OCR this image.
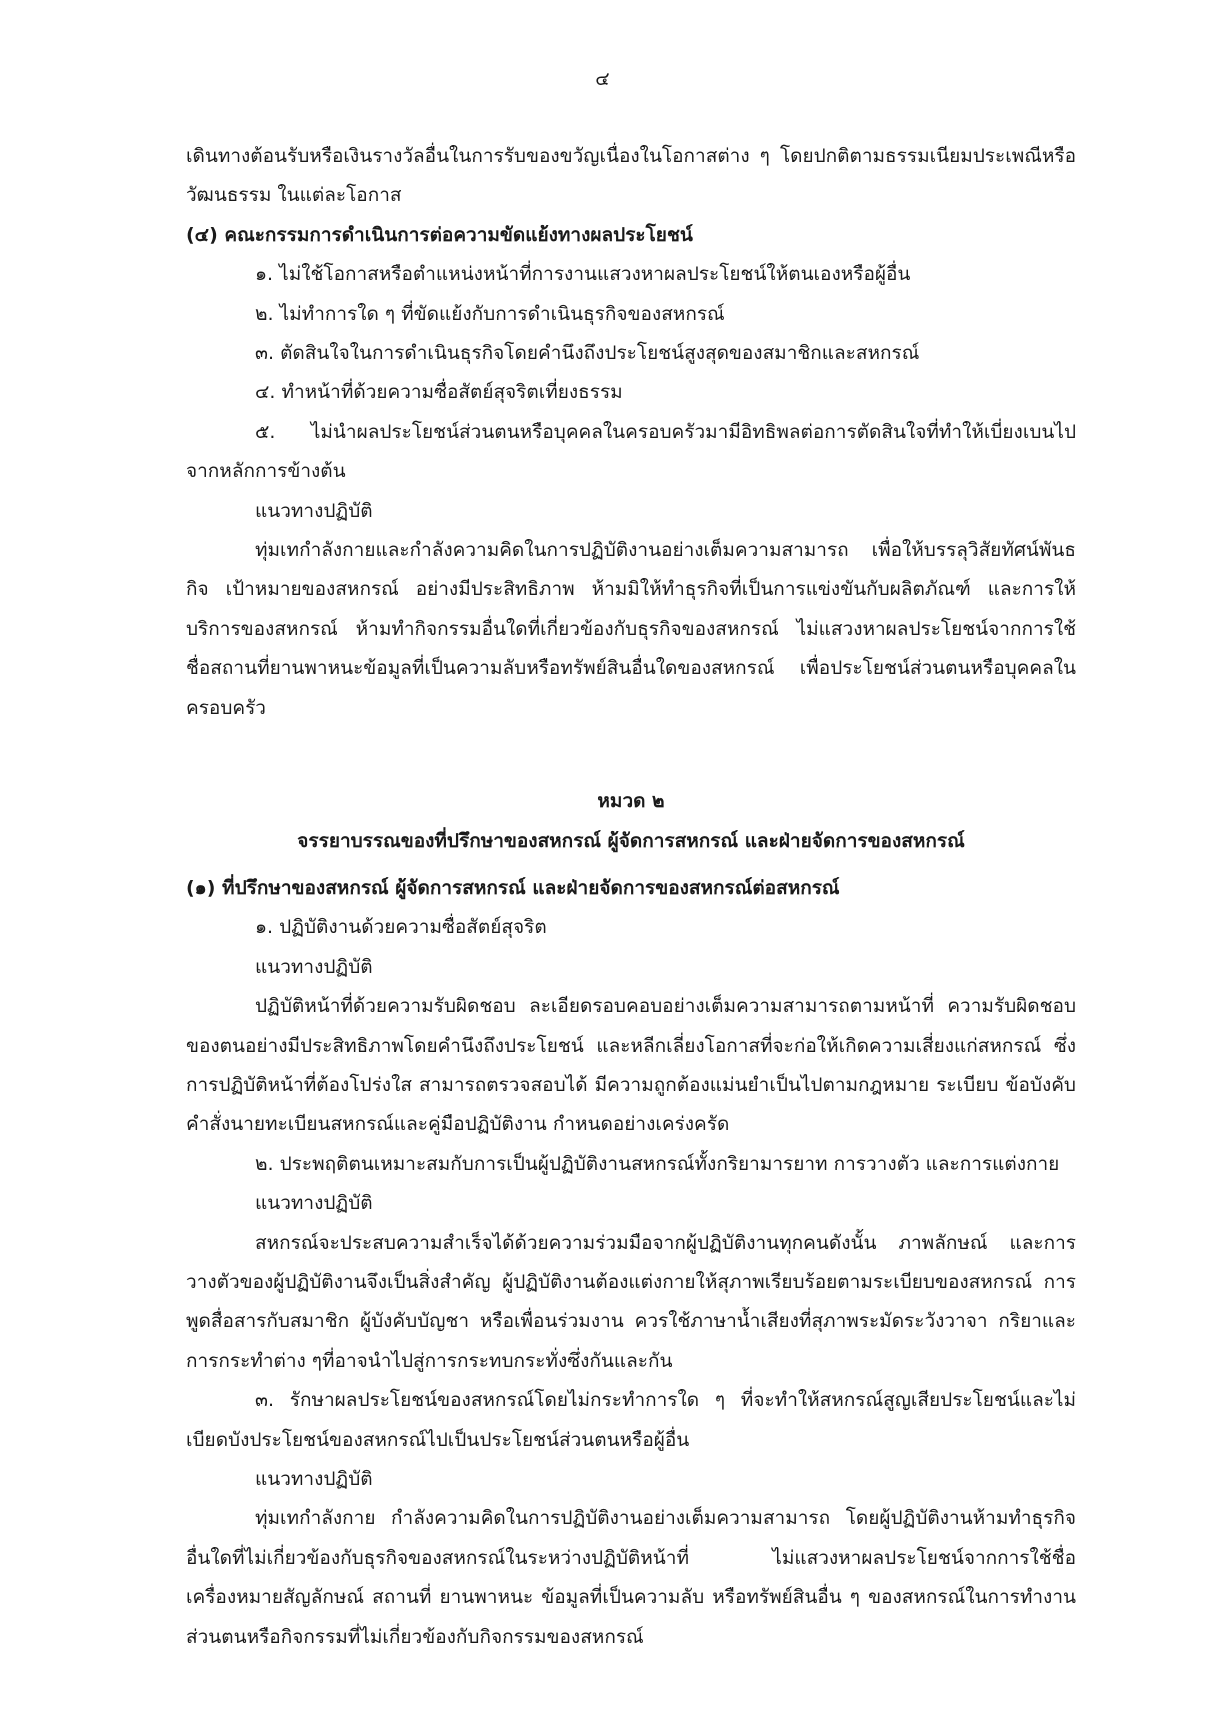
๔

เดินทางต้อนรับหรือเงินรางวัลอื่นในการรับของขวัญเนื่องในโอกาสต่าง ๆ โดยปกติตามธรรมเนียมประเพณีหรือวัฒนธรรม ในแต่ละโอกาส

(๔) คณะกรรมการดำเนินการต่อความขัดแย้งทางผลประโยชน์

๑. ไม่ใช้โอกาสหรือตำแหน่งหน้าที่การงานแสวงหาผลประโยชน์ให้ตนเองหรือผู้อื่น

๒. ไม่ทำการใด ๆ ที่ขัดแย้งกับการดำเนินธุรกิจของสหกรณ์

๓. ตัดสินใจในการดำเนินธุรกิจโดยคำนึงถึงประโยชน์สูงสุดของสมาชิกและสหกรณ์

๔. ทำหน้าที่ด้วยความซื่อสัตย์สุจริตเที่ยงธรรม

๕. ไม่นำผลประโยชน์ส่วนตนหรือบุคคลในครอบครัวมามีอิทธิพลต่อการตัดสินใจที่ทำให้เบี่ยงเบนไปจากหลักการข้างต้น

แนวทางปฏิบัติ

ทุ่มเทกำลังกายและกำลังความคิดในการปฏิบัติงานอย่างเต็มความสามารถ เพื่อให้บรรลุวิสัยทัศน์พันธกิจ เป้าหมายของสหกรณ์ อย่างมีประสิทธิภาพ ห้ามมิให้ทำธุรกิจที่เป็นการแข่งขันกับผลิตภัณฑ์ และการให้บริการของสหกรณ์ ห้ามทำกิจกรรมอื่นใดที่เกี่ยวข้องกับธุรกิจของสหกรณ์ ไม่แสวงหาผลประโยชน์จากการใช้ชื่อสถานที่ยานพาหนะข้อมูลที่เป็นความลับหรือทรัพย์สินอื่นใดของสหกรณ์ เพื่อประโยชน์ส่วนตนหรือบุคคลในครอบครัว

หมวด ๒

จรรยาบรรณของที่ปรึกษาของสหกรณ์ ผู้จัดการสหกรณ์ และฝ่ายจัดการของสหกรณ์

(๑) ที่ปรึกษาของสหกรณ์ ผู้จัดการสหกรณ์ และฝ่ายจัดการของสหกรณ์ต่อสหกรณ์

๑. ปฏิบัติงานด้วยความซื่อสัตย์สุจริต

แนวทางปฏิบัติ

ปฏิบัติหน้าที่ด้วยความรับผิดชอบ ละเอียดรอบคอบอย่างเต็มความสามารถตามหน้าที่ ความรับผิดชอบของตนอย่างมีประสิทธิภาพโดยคำนึงถึงประโยชน์ และหลีกเลี่ยงโอกาสที่จะก่อให้เกิดความเสี่ยงแก่สหกรณ์ ซึ่งการปฏิบัติหน้าที่ต้องโปร่งใส สามารถตรวจสอบได้ มีความถูกต้องแม่นยำเป็นไปตามกฎหมาย ระเบียบ ข้อบังคับ คำสั่งนายทะเบียนสหกรณ์และคู่มือปฏิบัติงาน กำหนดอย่างเคร่งครัด

๒. ประพฤติตนเหมาะสมกับการเป็นผู้ปฏิบัติงานสหกรณ์ทั้งกริยามารยาท การวางตัว และการแต่งกาย

แนวทางปฏิบัติ

สหกรณ์จะประสบความสำเร็จได้ด้วยความร่วมมือจากผู้ปฏิบัติงานทุกคนดังนั้น ภาพลักษณ์ และการวางตัวของผู้ปฏิบัติงานจึงเป็นสิ่งสำคัญ ผู้ปฏิบัติงานต้องแต่งกายให้สุภาพเรียบร้อยตามระเบียบของสหกรณ์ การพูดสื่อสารกับสมาชิก ผู้บังคับบัญชา หรือเพื่อนร่วมงาน ควรใช้ภาษาน้ำเสียงที่สุภาพระมัดระวังวาจา กริยาและการกระทำต่าง ๆที่อาจนำไปสู่การกระทบกระทั่งซึ่งกันและกัน

๓. รักษาผลประโยชน์ของสหกรณ์โดยไม่กระทำการใด ๆ ที่จะทำให้สหกรณ์สูญเสียประโยชน์และไม่เบียดบังประโยชน์ของสหกรณ์ไปเป็นประโยชน์ส่วนตนหรือผู้อื่น

แนวทางปฏิบัติ

ทุ่มเทกำลังกาย กำลังความคิดในการปฏิบัติงานอย่างเต็มความสามารถ โดยผู้ปฏิบัติงานห้ามทำธุรกิจอื่นใดที่ไม่เกี่ยวข้องกับธุรกิจของสหกรณ์ในระหว่างปฏิบัติหน้าที่ ไม่แสวงหาผลประโยชน์จากการใช้ชื่อ เครื่องหมายสัญลักษณ์ สถานที่ ยานพาหนะ ข้อมูลที่เป็นความลับ หรือทรัพย์สินอื่น ๆ ของสหกรณ์ในการทำงานส่วนตนหรือกิจกรรมที่ไม่เกี่ยวข้องกับกิจกรรมของสหกรณ์
